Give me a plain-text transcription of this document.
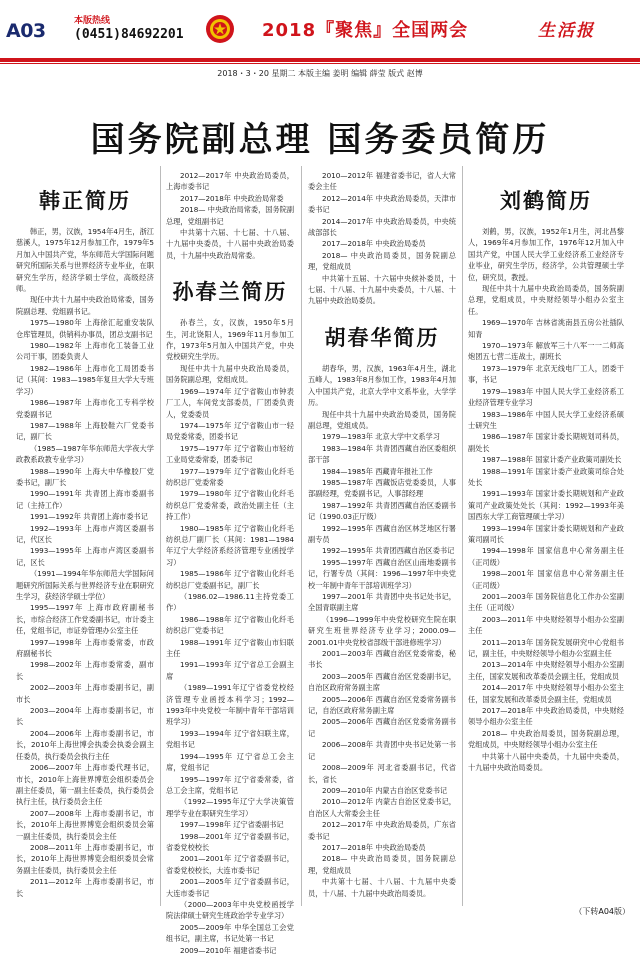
A03	本版热线
(0451)84692201	2018『聚焦』全国两会	生活报
2018・3・20 星期二 本版主编 姜明 编辑 薛莹 版式 赵博
国务院副总理 国务委员简历
韩正简历

韩正，男，汉族，1954年4月生，浙江慈溪人，1975年12月参加工作，1979年5月加入中国共产党，华东师范大学国际问题研究所国际关系与世界经济专业毕业，在职研究生学历，经济学硕士学位，高级经济师。

现任中共十九届中央政治局常委，国务院副总理、党组副书记。

1975—1980年 上海徐汇起重安装队仓库管理员，供销科办事员，团总支副书记

1980—1982年 上海市化工装备工业公司干事，团委负责人

1982—1986年 上海市化工局团委书记（其间：1983—1985年复旦大学大专班学习）

1986—1987年 上海市化工专科学校党委副书记

1987—1988年 上海胶鞋六厂党委书记，副厂长

（1985—1987年华东师范大学夜大学政教系政教专业学习）

1988—1990年 上海大中华橡胶厂党委书记，副厂长

1990—1991年 共青团上海市委副书记（主持工作）

1991—1992年 共青团上海市委书记

1992—1993年 上海市卢湾区委副书记，代区长

1993—1995年 上海市卢湾区委副书记，区长

（1991—1994年华东师范大学国际问题研究所国际关系与世界经济专业在职研究生学习，获经济学硕士学位）

1995—1997年 上海市政府副秘书长，市综合经济工作党委副书记，市计委主任，党组书记，市证券管理办公室主任

1997—1998年 上海市委常委，市政府副秘书长

1998—2002年 上海市委常委，副市长

2002—2003年 上海市委副书记，副市长

2003—2004年 上海市委副书记，市长

2004—2006年 上海市委副书记，市长，2010年上海世博会执委会执委会副主任委员，执行委员会执行主任

2006—2007年 上海市委代理书记，市长，2010年上海世界博览会组织委员会副主任委员，第一副主任委员，执行委员会执行主任，执行委员会主任

2007—2008年 上海市委副书记，市长，2010年上海世界博览会组织委员会第一副主任委员，执行委员会主任

2008—2011年 上海市委副书记，市长，2010年上海世界博览会组织委员会常务副主任委员，执行委员会主任

2011—2012年 上海市委副书记，市长

2012—2017年 中央政治局委员，上海市委书记

2017—2018年 中央政治局常委

2018— 中央政治局常委，国务院副总理，党组副书记

中共第十六届、十七届、十八届、十九届中央委员，十八届中央政治局委员，十九届中央政治局常委。

孙春兰简历

孙春兰，女，汉族，1950年5月生，河北饶阳人，1969年11月参加工作，1973年5月加入中国共产党，中央党校研究生学历。

现任中共十九届中央政治局委员，国务院副总理，党组成员。

1969—1974年 辽宁省鞍山市钟表厂工人，车间党支部委员，厂团委负责人，党委委员

1974—1975年 辽宁省鞍山市一轻局党委常委，团委书记

1975—1977年 辽宁省鞍山市轻纺工业局党委常委，团委书记

1977—1979年 辽宁省鞍山化纤毛纺织总厂党委常委

1979—1980年 辽宁省鞍山化纤毛纺织总厂党委常委，政治处副主任（主持工作）

1980—1985年 辽宁省鞍山化纤毛纺织总厂副厂长（其间：1981—1984年辽宁大学经济系经济管理专业函授学习）

1985—1986年 辽宁省鞍山化纤毛纺织总厂党委副书记，副厂长

（1986.02—1986.11主持党委工作）

1986—1988年 辽宁省鞍山化纤毛纺织总厂党委书记

1988—1991年 辽宁省鞍山市妇联主任

1991—1993年 辽宁省总工会副主席

（1989—1991年辽宁省委党校经济管理专业函授本科学习；1992—1993年中央党校一年制中青年干部培训班学习）

1993—1994年 辽宁省妇联主席，党组书记

1994—1995年 辽宁省总工会主席，党组书记

1995—1997年 辽宁省委常委，省总工会主席，党组书记

（1992—1995年辽宁大学决策管理学专业在职研究生学习）

1997—1998年 辽宁省委副书记

1998—2001年 辽宁省委副书记，省委党校校长

2001—2001年 辽宁省委副书记，省委党校校长，大连市委书记

2001—2005年 辽宁省委副书记，大连市委书记

（2000—2003年中央党校函授学院法律硕士研究生班政治学专业学习）

2005—2009年 中华全国总工会党组书记，副主席，书记处第一书记

2009—2010年 福建省委书记

2010—2012年 福建省委书记，省人大常委会主任

2012—2014年 中央政治局委员，天津市委书记

2014—2017年 中央政治局委员，中央统战部部长

2017—2018年 中央政治局委员

2018— 中央政治局委员，国务院副总理，党组成员

中共第十五届、十六届中央候补委员，十七届、十八届、十九届中央委员，十八届、十九届中央政治局委员。

胡春华简历

胡春华，男，汉族，1963年4月生，湖北五峰人，1983年8月参加工作，1983年4月加入中国共产党，北京大学中文系毕业，大学学历。

现任中共十九届中央政治局委员，国务院副总理，党组成员。

1979—1983年 北京大学中文系学习

1983—1984年 共青团西藏自治区委组织部干部

1984—1985年 西藏青年报社工作

1985—1987年 西藏饭店党委委员，人事部副经理，党委副书记，人事部经理

1987—1992年 共青团西藏自治区委副书记（1990.03正厅级）

1992—1995年 西藏自治区林芝地区行署副专员

1992—1995年 共青团西藏自治区委书记

1995—1997年 西藏自治区山南地委副书记，行署专员（其间：1996—1997年中央党校一年制中青年干部培训班学习）

1997—2001年 共青团中央书记处书记，全国青联副主席

（1996—1999年中央党校研究生院在职研究生班世界经济专业学习；2000.09—2001.01中央党校省部级干部进修班学习）

2001—2003年 西藏自治区党委常委，秘书长

2003—2005年 西藏自治区党委副书记，自治区政府常务副主席

2005—2006年 西藏自治区党委常务副书记，自治区政府常务副主席

2005—2006年 西藏自治区党委常务副书记

2006—2008年 共青团中央书记处第一书记

2008—2009年 河北省委副书记，代省长，省长

2009—2010年 内蒙古自治区党委书记

2010—2012年 内蒙古自治区党委书记，自治区人大常委会主任

2012—2017年 中央政治局委员，广东省委书记

2017—2018年 中央政治局委员

2018— 中央政治局委员，国务院副总理，党组成员

中共第十七届、十八届、十九届中央委员，十八届、十九届中央政治局委员。

刘鹤简历

刘鹤，男，汉族，1952年1月生，河北昌黎人，1969年4月参加工作，1976年12月加入中国共产党，中国人民大学工业经济系工业经济专业毕业，研究生学历，经济学，公共管理硕士学位，研究员，教授。

现任中共十九届中央政治局委员，国务院副总理，党组成员，中央财经领导小组办公室主任。

1969—1970年 吉林省洮南县五房公社插队知青

1970—1973年 解放军三十八军一一二师高炮团五七营二连战士，副班长

1973—1979年 北京无线电厂工人，团委干事，书记

1979—1983年 中国人民大学工业经济系工业经济管理专业学习

1983—1986年 中国人民大学工业经济系硕士研究生

1986—1987年 国家计委长期规划司科员，副处长

1987—1988年 国家计委产业政策司副处长

1988—1991年 国家计委产业政策司综合处处长

1991—1993年 国家计委长期规划和产业政策司产业政策处处长（其间：1992—1993年美国西东大学工商管理硕士学习）

1993—1994年 国家计委长期规划和产业政策司副司长

1994—1998年 国家信息中心常务副主任（正司级）

1998—2001年 国家信息中心常务副主任（正司级）

2001—2003年 国务院信息化工作办公室副主任（正司级）

2003—2011年 中央财经领导小组办公室副主任

2011—2013年 国务院发展研究中心党组书记，副主任，中央财经领导小组办公室副主任

2013—2014年 中央财经领导小组办公室副主任，国家发展和改革委员会副主任，党组成员

2014—2017年 中央财经领导小组办公室主任，国家发展和改革委员会副主任，党组成员

2017—2018年 中央政治局委员，中央财经领导小组办公室主任

2018— 中央政治局委员，国务院副总理，党组成员，中央财经领导小组办公室主任

中共第十八届中央委员，十九届中央委员，十九届中央政治局委员。

（下转A04版）
